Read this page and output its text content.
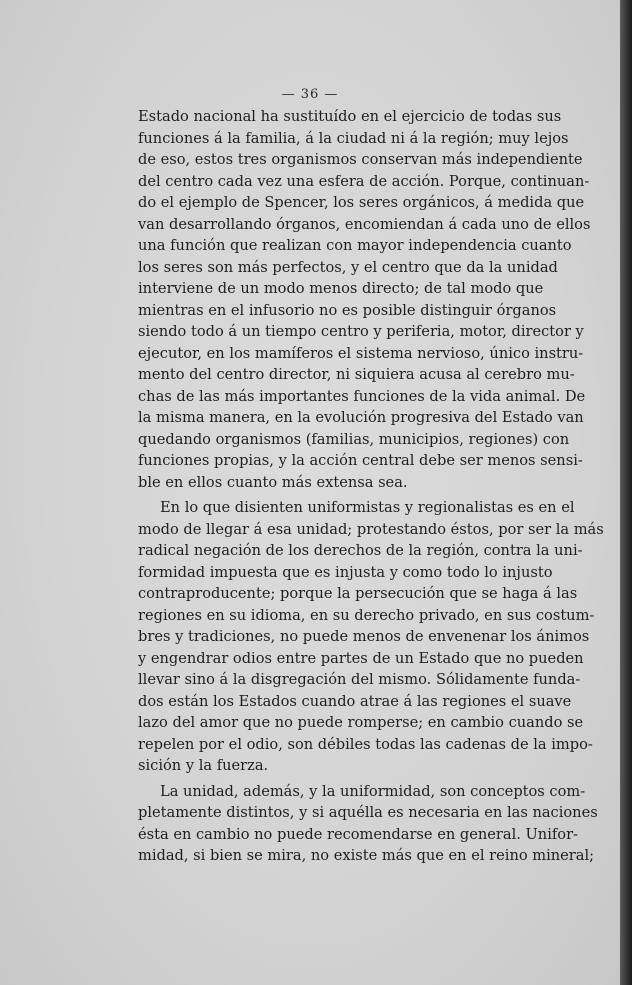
— 36 —
Estado nacional ha sustituído en el ejercicio de todas sus
funciones á la familia, á la ciudad ni á la región; muy lejos
de eso, estos tres organismos conservan más independiente
del centro cada vez una esfera de acción. Porque, continuan-
do el ejemplo de Spencer, los seres orgánicos, á medida que
van desarrollando órganos, encomiendan á cada uno de ellos
una función que realizan con mayor independencia cuanto
los seres son más perfectos, y el centro que da la unidad
interviene de un modo menos directo; de tal modo que
mientras en el infusorio no es posible distinguir órganos
siendo todo á un tiempo centro y periferia, motor, director y
ejecutor, en los mamíferos el sistema nervioso, único instru-
mento del centro director, ni siquiera acusa al cerebro mu-
chas de las más importantes funciones de la vida animal. De
la misma manera, en la evolución progresiva del Estado van
quedando organismos (familias, municipios, regiones) con
funciones propias, y la acción central debe ser menos sensi-
ble en ellos cuanto más extensa sea.
En lo que disienten uniformistas y regionalistas es en el
modo de llegar á esa unidad; protestando éstos, por ser la más
radical negación de los derechos de la región, contra la uni-
formidad impuesta que es injusta y como todo lo injusto
contraproducente; porque la persecución que se haga á las
regiones en su idioma, en su derecho privado, en sus costum-
bres y tradiciones, no puede menos de envenenar los ánimos
y engendrar odios entre partes de un Estado que no pueden
llevar sino á la disgregación del mismo. Sólidamente funda-
dos están los Estados cuando atrae á las regiones el suave
lazo del amor que no puede romperse; en cambio cuando se
repelen por el odio, son débiles todas las cadenas de la impo-
sición y la fuerza.
La unidad, además, y la uniformidad, son conceptos com-
pletamente distintos, y si aquélla es necesaria en las naciones
ésta en cambio no puede recomendarse en general. Unifor-
midad, si bien se mira, no existe más que en el reino mineral;
